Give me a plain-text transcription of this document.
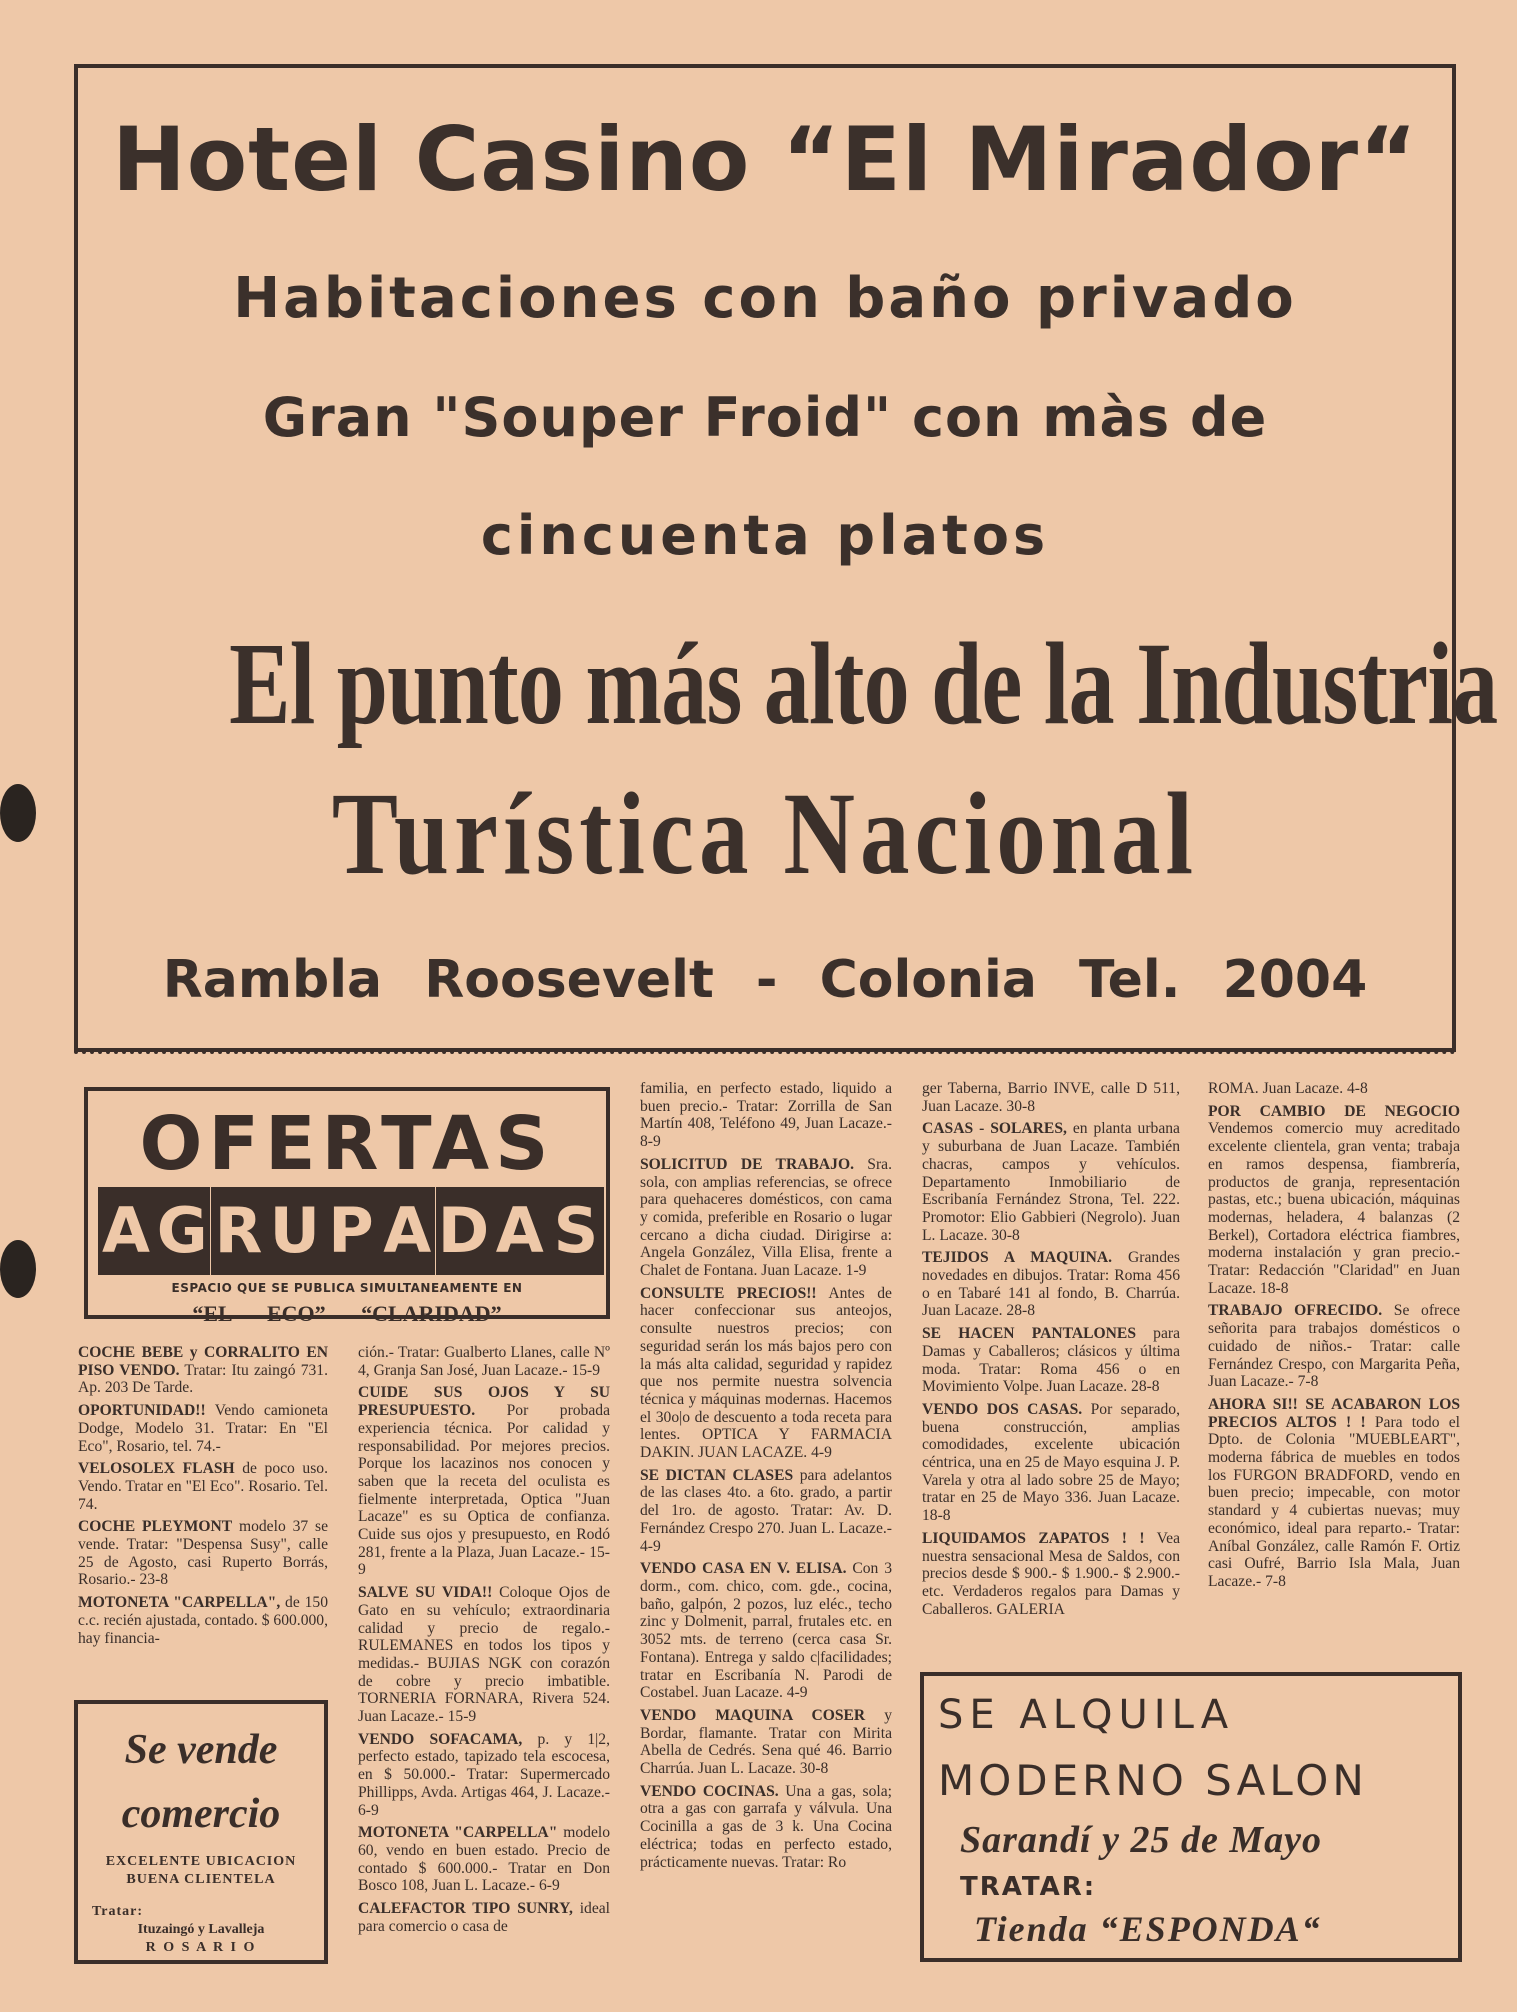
Hotel Casino “El Mirador“
Habitaciones con baño privado
Gran "Souper Froid" con màs de
cincuenta platos
El punto más alto de la Industria
Turística Nacional
Rambla Roosevelt - Colonia Tel. 2004
OFERTAS
A G R U P A D A S
ESPACIO QUE SE PUBLICA SIMULTANEAMENTE EN
“EL ECO” “CLARIDAD”

COCHE BEBE y CORRALITO EN PISO VENDO. Tratar: Itu zaingó 731. Ap. 203 De Tarde.

OPORTUNIDAD!! Vendo camioneta Dodge, Modelo 31. Tratar: En "El Eco", Rosario, tel. 74.-

VELOSOLEX FLASH de poco uso. Vendo. Tratar en "El Eco". Rosario. Tel. 74.

COCHE PLEYMONT modelo 37 se vende. Tratar: "Despensa Susy", calle 25 de Agosto, casi Ruperto Borrás, Rosario.- 23-8

MOTONETA "CARPELLA", de 150 c.c. recién ajustada, contado. $ 600.000, hay financia-

ción.- Tratar: Gualberto Llanes, calle Nº 4, Granja San José, Juan Lacaze.- 15-9

CUIDE SUS OJOS Y SU PRESUPUESTO. Por probada experiencia técnica. Por calidad y responsabilidad. Por mejores precios. Porque los lacazinos nos conocen y saben que la receta del oculista es fielmente interpretada, Optica "Juan Lacaze" es su Optica de confianza. Cuide sus ojos y presupuesto, en Rodó 281, frente a la Plaza, Juan Lacaze.- 15-9

SALVE SU VIDA!! Coloque Ojos de Gato en su vehículo; extraordinaria calidad y precio de regalo.- RULEMANES en todos los tipos y medidas.- BUJIAS NGK con corazón de cobre y precio imbatible. TORNERIA FORNARA, Rivera 524. Juan Lacaze.- 15-9

VENDO SOFACAMA, p. y 1|2, perfecto estado, tapizado tela escocesa, en $ 50.000.- Tratar: Supermercado Phillipps, Avda. Artigas 464, J. Lacaze.- 6-9

MOTONETA "CARPELLA" modelo 60, vendo en buen estado. Precio de contado $ 600.000.- Tratar en Don Bosco 108, Juan L. Lacaze.- 6-9

CALEFACTOR TIPO SUNRY, ideal para comercio o casa de

familia, en perfecto estado, liquido a buen precio.- Tratar: Zorrilla de San Martín 408, Teléfono 49, Juan Lacaze.- 8-9

SOLICITUD DE TRABAJO. Sra. sola, con amplias referencias, se ofrece para quehaceres domésticos, con cama y comida, preferible en Rosario o lugar cercano a dicha ciudad. Dirigirse a: Angela González, Villa Elisa, frente a Chalet de Fontana. Juan Lacaze. 1-9

CONSULTE PRECIOS!! Antes de hacer confeccionar sus anteojos, consulte nuestros precios; con seguridad serán los más bajos pero con la más alta calidad, seguridad y rapidez que nos permite nuestra solvencia técnica y máquinas modernas. Hacemos el 30o|o de descuento a toda receta para lentes. OPTICA Y FARMACIA DAKIN. JUAN LACAZE. 4-9

SE DICTAN CLASES para adelantos de las clases 4to. a 6to. grado, a partir del 1ro. de agosto. Tratar: Av. D. Fernández Crespo 270. Juan L. Lacaze.- 4-9

VENDO CASA EN V. ELISA. Con 3 dorm., com. chico, com. gde., cocina, baño, galpón, 2 pozos, luz eléc., techo zinc y Dolmenit, parral, frutales etc. en 3052 mts. de terreno (cerca casa Sr. Fontana). Entrega y saldo c|facilidades; tratar en Escribanía N. Parodi de Costabel. Juan Lacaze. 4-9

VENDO MAQUINA COSER y Bordar, flamante. Tratar con Mirita Abella de Cedrés. Sena qué 46. Barrio Charrúa. Juan L. Lacaze. 30-8

VENDO COCINAS. Una a gas, sola; otra a gas con garrafa y válvula. Una Cocinilla a gas de 3 k. Una Cocina eléctrica; todas en perfecto estado, prácticamente nuevas. Tratar: Ro

ger Taberna, Barrio INVE, calle D 511, Juan Lacaze. 30-8

CASAS - SOLARES, en planta urbana y suburbana de Juan Lacaze. También chacras, campos y vehículos. Departamento Inmobiliario de Escribanía Fernández Strona, Tel. 222. Promotor: Elio Gabbieri (Negrolo). Juan L. Lacaze. 30-8

TEJIDOS A MAQUINA. Grandes novedades en dibujos. Tratar: Roma 456 o en Tabaré 141 al fondo, B. Charrúa. Juan Lacaze. 28-8

SE HACEN PANTALONES para Damas y Caballeros; clásicos y última moda. Tratar: Roma 456 o en Movimiento Volpe. Juan Lacaze. 28-8

VENDO DOS CASAS. Por separado, buena construcción, amplias comodidades, excelente ubicación céntrica, una en 25 de Mayo esquina J. P. Varela y otra al lado sobre 25 de Mayo; tratar en 25 de Mayo 336. Juan Lacaze. 18-8

LIQUIDAMOS ZAPATOS ! ! Vea nuestra sensacional Mesa de Saldos, con precios desde $ 900.- $ 1.900.- $ 2.900.- etc. Verdaderos regalos para Damas y Caballeros. GALERIA

ROMA. Juan Lacaze. 4-8

POR CAMBIO DE NEGOCIO Vendemos comercio muy acreditado excelente clientela, gran venta; trabaja en ramos despensa, fiambrería, productos de granja, representación pastas, etc.; buena ubicación, máquinas modernas, heladera, 4 balanzas (2 Berkel), Cortadora eléctrica fiambres, moderna instalación y gran precio.- Tratar: Redacción "Claridad" en Juan Lacaze. 18-8

TRABAJO OFRECIDO. Se ofrece señorita para trabajos domésticos o cuidado de niños.- Tratar: calle Fernández Crespo, con Margarita Peña, Juan Lacaze.- 7-8

AHORA SI!! SE ACABARON LOS PRECIOS ALTOS ! ! Para todo el Dpto. de Colonia "MUEBLEART", moderna fábrica de muebles en todos los FURGON BRADFORD, vendo en buen precio; impecable, con motor standard y 4 cubiertas nuevas; muy económico, ideal para reparto.- Tratar: Aníbal González, calle Ramón F. Ortiz casi Oufré, Barrio Isla Mala, Juan Lacaze.- 7-8

Se vende
comercio
EXCELENTE UBICACION
BUENA CLIENTELA
Tratar:
Ituzaingó y Lavalleja
R O S A R I O
SE ALQUILA
MODERNO SALON
Sarandí y 25 de Mayo
TRATAR:
Tienda “ESPONDA“
